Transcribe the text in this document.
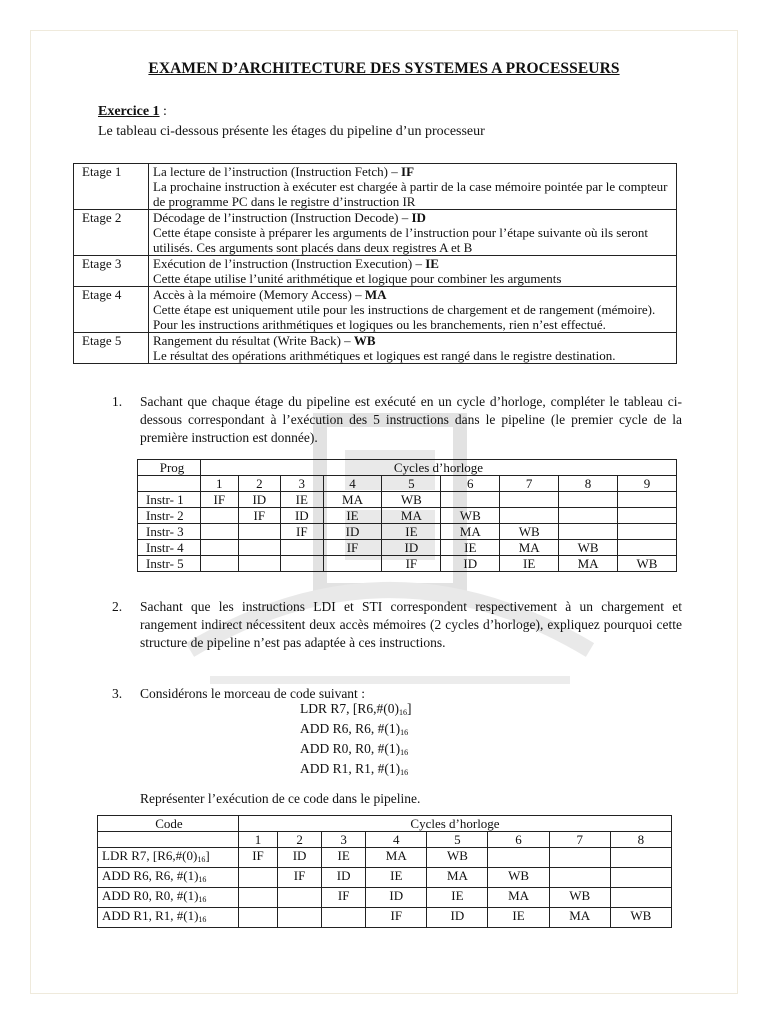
EXAMEN D’ARCHITECTURE DES SYSTEMES A PROCESSEURS
Exercice 1 :
Le tableau ci-dessous présente les étages du pipeline d’un processeur
Etage 1	La lecture de l’instruction (Instruction Fetch) – IF
La prochaine instruction à exécuter est chargée à partir de la case mémoire pointée par le compteur de programme PC dans le registre d’instruction IR
Etage 2	Décodage de l’instruction (Instruction Decode) – ID
Cette étape consiste à préparer les arguments de l’instruction pour l’étape suivante où ils seront utilisés. Ces arguments sont placés dans deux registres A et B
Etage 3	Exécution de l’instruction (Instruction Execution) – IE
Cette étape utilise l’unité arithmétique et logique pour combiner les arguments
Etage 4	Accès à la mémoire (Memory Access) – MA
Cette étape est uniquement utile pour les instructions de chargement et de rangement (mémoire). Pour les instructions arithmétiques et logiques ou les branchements, rien n’est effectué.
Etage 5	Rangement du résultat (Write Back) – WB
Le résultat des opérations arithmétiques et logiques est rangé dans le registre destination.
1. Sachant que chaque étage du pipeline est exécuté en un cycle d’horloge, compléter le tableau ci-dessous correspondant à l’exécution des 5 instructions dans le pipeline (le premier cycle de la première instruction est donnée).
Prog	Cycles d’horloge								
	1	2	3	4	5	6	7	8	9
Instr- 1	IF	ID	IE	MA	WB				
Instr- 2		IF	ID	IE	MA	WB			
Instr- 3			IF	ID	IE	MA	WB		
Instr- 4				IF	ID	IE	MA	WB	
Instr- 5					IF	ID	IE	MA	WB
2. Sachant que les instructions LDI et STI correspondent respectivement à un chargement et rangement indirect nécessitent deux accès mémoires (2 cycles d’horloge), expliquez pourquoi cette structure de pipeline n’est pas adaptée à ces instructions.
3. Considérons le morceau de code suivant :
LDR R7, $[R6,\#(0)_{16}]$
ADD R6, R6, $\#(1)_{16}$
ADD R0, R0, $\#(1)_{16}$
ADD R1, R1, $\#(1)_{16}$
Représenter l’exécution de ce code dans le pipeline.
Code	Cycles d’horloge							
	1	2	3	4	5	6	7	8
LDR R7, $[R6,\#(0)_{16}]$	IF	ID	IE	MA	WB			
ADD R6, R6, $\#(1)_{16}$		IF	ID	IE	MA	WB		
ADD R0, R0, $\#(1)_{16}$			IF	ID	IE	MA	WB	
ADD R1, R1, $\#(1)_{16}$				IF	ID	IE	MA	WB
